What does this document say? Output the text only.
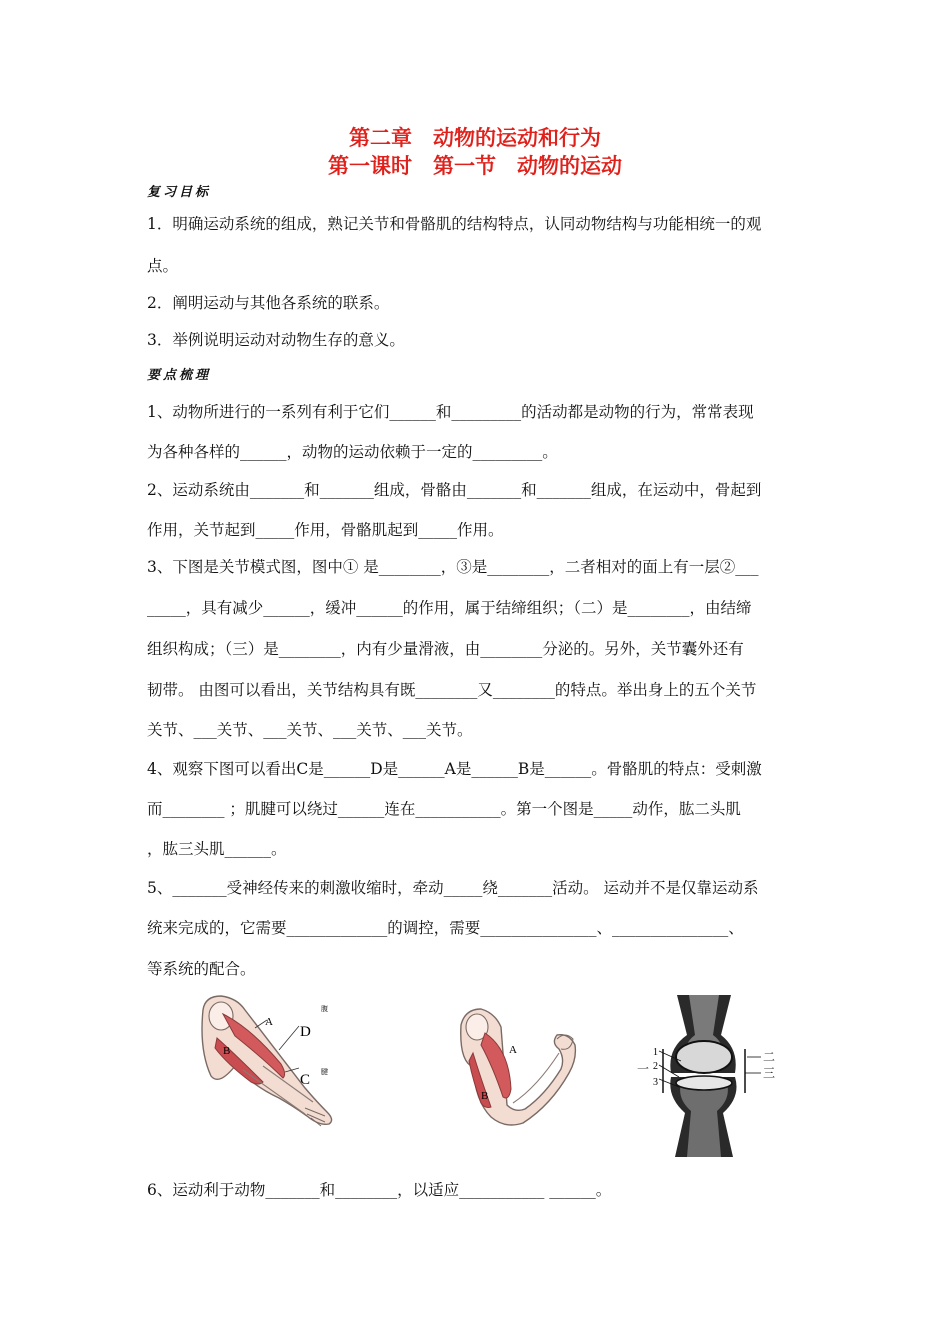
第二章　动物的运动和行为
第一课时　第一节　动物的运动
复习目标
1．明确运动系统的组成，熟记关节和骨骼肌的结构特点，认同动物结构与功能相统一的观
点。
2．阐明运动与其他各系统的联系。
3．举例说明运动对动物生存的意义。
要点梳理
1、动物所进行的一系列有利于它们______和_________的活动都是动物的行为，常常表现
为各种各样的______，动物的运动依赖于一定的_________。
2、运动系统由_______和_______组成，骨骼由_______和_______组成，在运动中，骨起到
作用，关节起到_____作用，骨骼肌起到_____作用。
3、下图是关节模式图，图中① 是________，③是________，二者相对的面上有一层②___
_____，具有减少______，缓冲______的作用，属于结缔组织；（二）是________，由结缔
组织构成；（三）是________，内有少量滑液，由________分泌的。另外，关节囊外还有
韧带。 由图可以看出，关节结构具有既________又________的特点。举出身上的五个关节
关节、___关节、___关节、___关节、___关节。
4、观察下图可以看出C是______D是______A是______B是______。骨骼肌的特点：受刺激
而________ ；肌腱可以绕过______连在___________。第一个图是_____动作，肱二头肌
，肱三头肌______。
5、_______受神经传来的刺激收缩时，牵动_____绕_______活动。 运动并不是仅靠运动系
统来完成的，它需要_____________的调控，需要_______________、_______________、
等系统的配合。
A
D
B
C
腹
腱
A
B
1
2
3
一
二
三
6、运动利于动物_______和________，以适应___________ ______。
